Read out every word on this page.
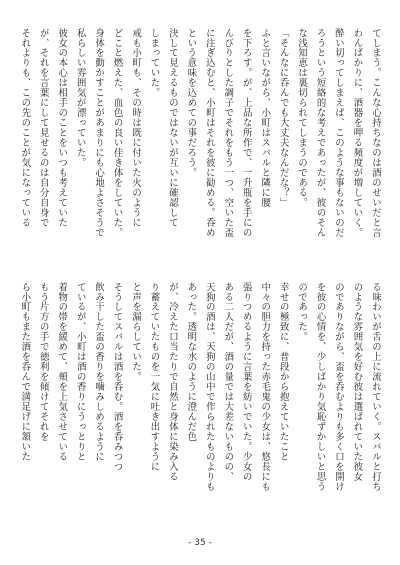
てしまう。こんな心持ちなのは酒のせいだと言
わんばかりに、酒器を呷る頻度が増していく。
酔い切ってしまえば、このような事もないのだ
ろうという短絡的な考えであったが、彼のそん
な浅知恵は裏切られてしまうのである。
「そんなに呑んでも大丈夫なんだな？」
ふと言いながら、小町はスバルと隣に腰
を下ろす。が、上品な所作で、一升瓶を手にの
んびりとした調子でそれをもう一つ、空いた盃
に注ぎ込むと、小町はそれを彼に勧める。呑め
という意味を込めての事だろう。
決して見えるものではないが互いに確認して
しまっていた。
戒も小町も、その時は既に付いた火のように
どこと燃えた、血色の良い佳き体をしていた。
身体を動かすことがあまりにも心地よさそうで
私らしい雰囲気が漂っていた。
彼女の本心は相手のことをいつも考えていた
が、それを言葉にして見せるのは自分自身で
それよりも、この先のことが気になっている
る味わいが舌の上に流れていく。スバルと打ち
のような雰囲気を好む彼は選ばれていた彼女
のでありながら、盃を呑むよりも多く口を開け
を彼の心情を、少しばかり気恥ずかしいと思う
のであった。
幸せの極致に、普段から抱えていたこと
中々の胆力を持った赤毛鬼の少女は、悠長にも
張りつめるように言葉を紡いでいた。少女の
ある二人だが、酒の量では大差ないものの、
天狗の酒は、天狗の山中で作られたものよりも
あった。透明な水のように澄んだ色
が、冷えた口当たりで自然と身体に染み入る
り蓄えていたものを一気に吐き出すように
と声を漏らしていた。
そうしてスバルは酒を呑む。酒を呑みつつ
飲み干した盃の香りを噛みしめるように
ているが、小町は酒の香りにうっとりと
着物の帯を緩めて、頬を上気させている
もう片方の手で徳利を傾けてそれを
ら小町もまた酒を呑んで満足げに頷いた
- 35 -
